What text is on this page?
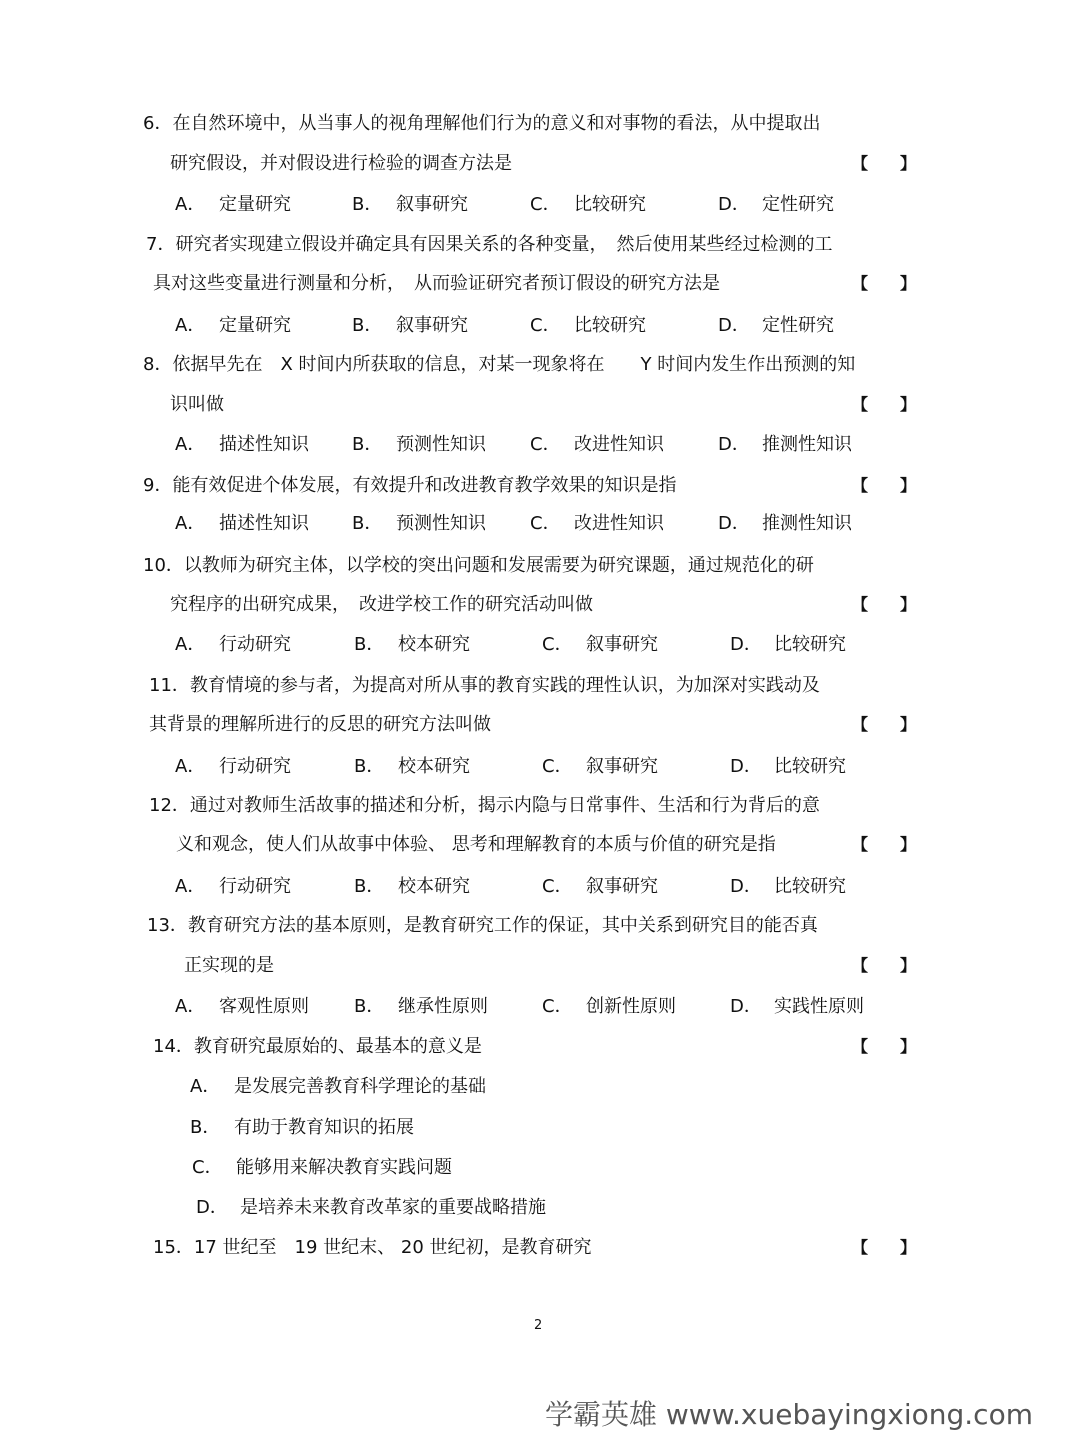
6．在自然环境中，从当事人的视角理解他们行为的意义和对事物的看法，从中提取出
研究假设，并对假设进行检验的调查方法是	【 】
A． 定量研究	B． 叙事研究	C． 比较研究	D． 定性研究
7．研究者实现建立假设并确定具有因果关系的各种变量，　然后使用某些经过检测的工
具对这些变量进行测量和分析，　从而验证研究者预订假设的研究方法是	【 】
A． 定量研究	B． 叙事研究	C． 比较研究	D． 定性研究
8．依据早先在　X 时间内所获取的信息，对某一现象将在　　Y 时间内发生作出预测的知
识叫做	【 】
A． 描述性知识 B． 预测性知识 C． 改进性知识	D． 推测性知识
9．能有效促进个体发展，有效提升和改进教育教学效果的知识是指	【 】
A． 描述性知识 B． 预测性知识 C． 改进性知识	D． 推测性知识
10．以教师为研究主体，以学校的突出问题和发展需要为研究课题，通过规范化的研
究程序的出研究成果，　改进学校工作的研究活动叫做	【 】
A． 行动研究	B． 校本研究	C． 叙事研究	D． 比较研究
11．教育情境的参与者，为提高对所从事的教育实践的理性认识，为加深对实践动及
其背景的理解所进行的反思的研究方法叫做	【 】
A． 行动研究	B． 校本研究	C． 叙事研究	D． 比较研究
12．通过对教师生活故事的描述和分析，揭示内隐与日常事件、生活和行为背后的意
义和观念，使人们从故事中体验、 思考和理解教育的本质与价值的研究是指	【 】
A． 行动研究	B． 校本研究	C． 叙事研究	D． 比较研究
13．教育研究方法的基本原则，是教育研究工作的保证，其中关系到研究目的能否真
正实现的是	【 】
A． 客观性原则	B． 继承性原则	C． 创新性原则	D． 实践性原则
14．教育研究最原始的、最基本的意义是	【 】
A． 是发展完善教育科学理论的基础
B． 有助于教育知识的拓展
C． 能够用来解决教育实践问题
D． 是培养未来教育改革家的重要战略措施
15．17 世纪至　19 世纪末、 20 世纪初，是教育研究	【 】
2
学霸英雄 www.xuebayingxiong.com
